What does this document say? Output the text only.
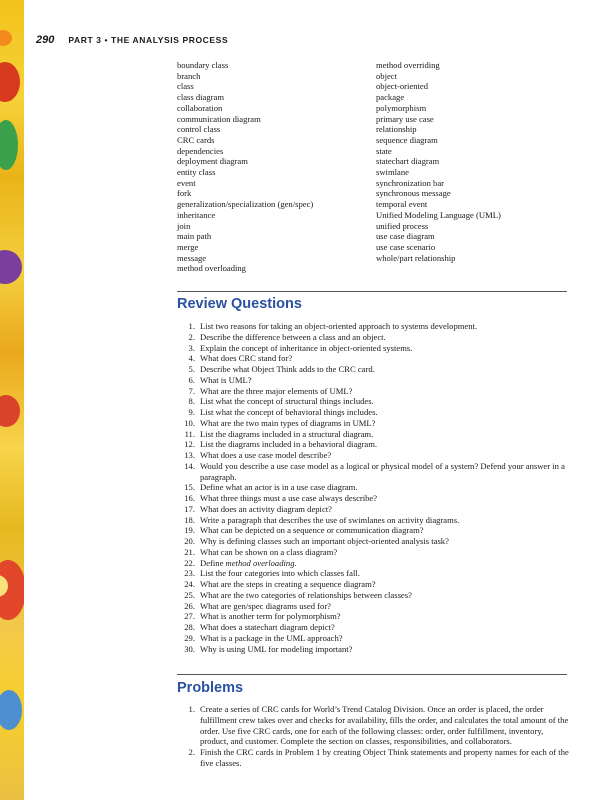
290 PART 3 • THE ANALYSIS PROCESS
boundary class
branch
class
class diagram
collaboration
communication diagram
control class
CRC cards
dependencies
deployment diagram
entity class
event
fork
generalization/specialization (gen/spec)
inheritance
join
main path
merge
message
method overloading
method overriding
object
object-oriented
package
polymorphism
primary use case
relationship
sequence diagram
state
statechart diagram
swimlane
synchronization bar
synchronous message
temporal event
Unified Modeling Language (UML)
unified process
use case diagram
use case scenario
whole/part relationship
Review Questions
1. List two reasons for taking an object-oriented approach to systems development.
2. Describe the difference between a class and an object.
3. Explain the concept of inheritance in object-oriented systems.
4. What does CRC stand for?
5. Describe what Object Think adds to the CRC card.
6. What is UML?
7. What are the three major elements of UML?
8. List what the concept of structural things includes.
9. List what the concept of behavioral things includes.
10. What are the two main types of diagrams in UML?
11. List the diagrams included in a structural diagram.
12. List the diagrams included in a behavioral diagram.
13. What does a use case model describe?
14. Would you describe a use case model as a logical or physical model of a system? Defend your answer in a paragraph.
15. Define what an actor is in a use case diagram.
16. What three things must a use case always describe?
17. What does an activity diagram depict?
18. Write a paragraph that describes the use of swimlanes on activity diagrams.
19. What can be depicted on a sequence or communication diagram?
20. Why is defining classes such an important object-oriented analysis task?
21. What can be shown on a class diagram?
22. Define method overloading.
23. List the four categories into which classes fall.
24. What are the steps in creating a sequence diagram?
25. What are the two categories of relationships between classes?
26. What are gen/spec diagrams used for?
27. What is another term for polymorphism?
28. What does a statechart diagram depict?
29. What is a package in the UML approach?
30. Why is using UML for modeling important?
Problems
1. Create a series of CRC cards for World’s Trend Catalog Division. Once an order is placed, the order fulfillment crew takes over and checks for availability, fills the order, and calculates the total amount of the order. Use five CRC cards, one for each of the following classes: order, order fulfillment, inventory, product, and customer. Complete the section on classes, responsibilities, and collaborators.
2. Finish the CRC cards in Problem 1 by creating Object Think statements and property names for each of the five classes.
